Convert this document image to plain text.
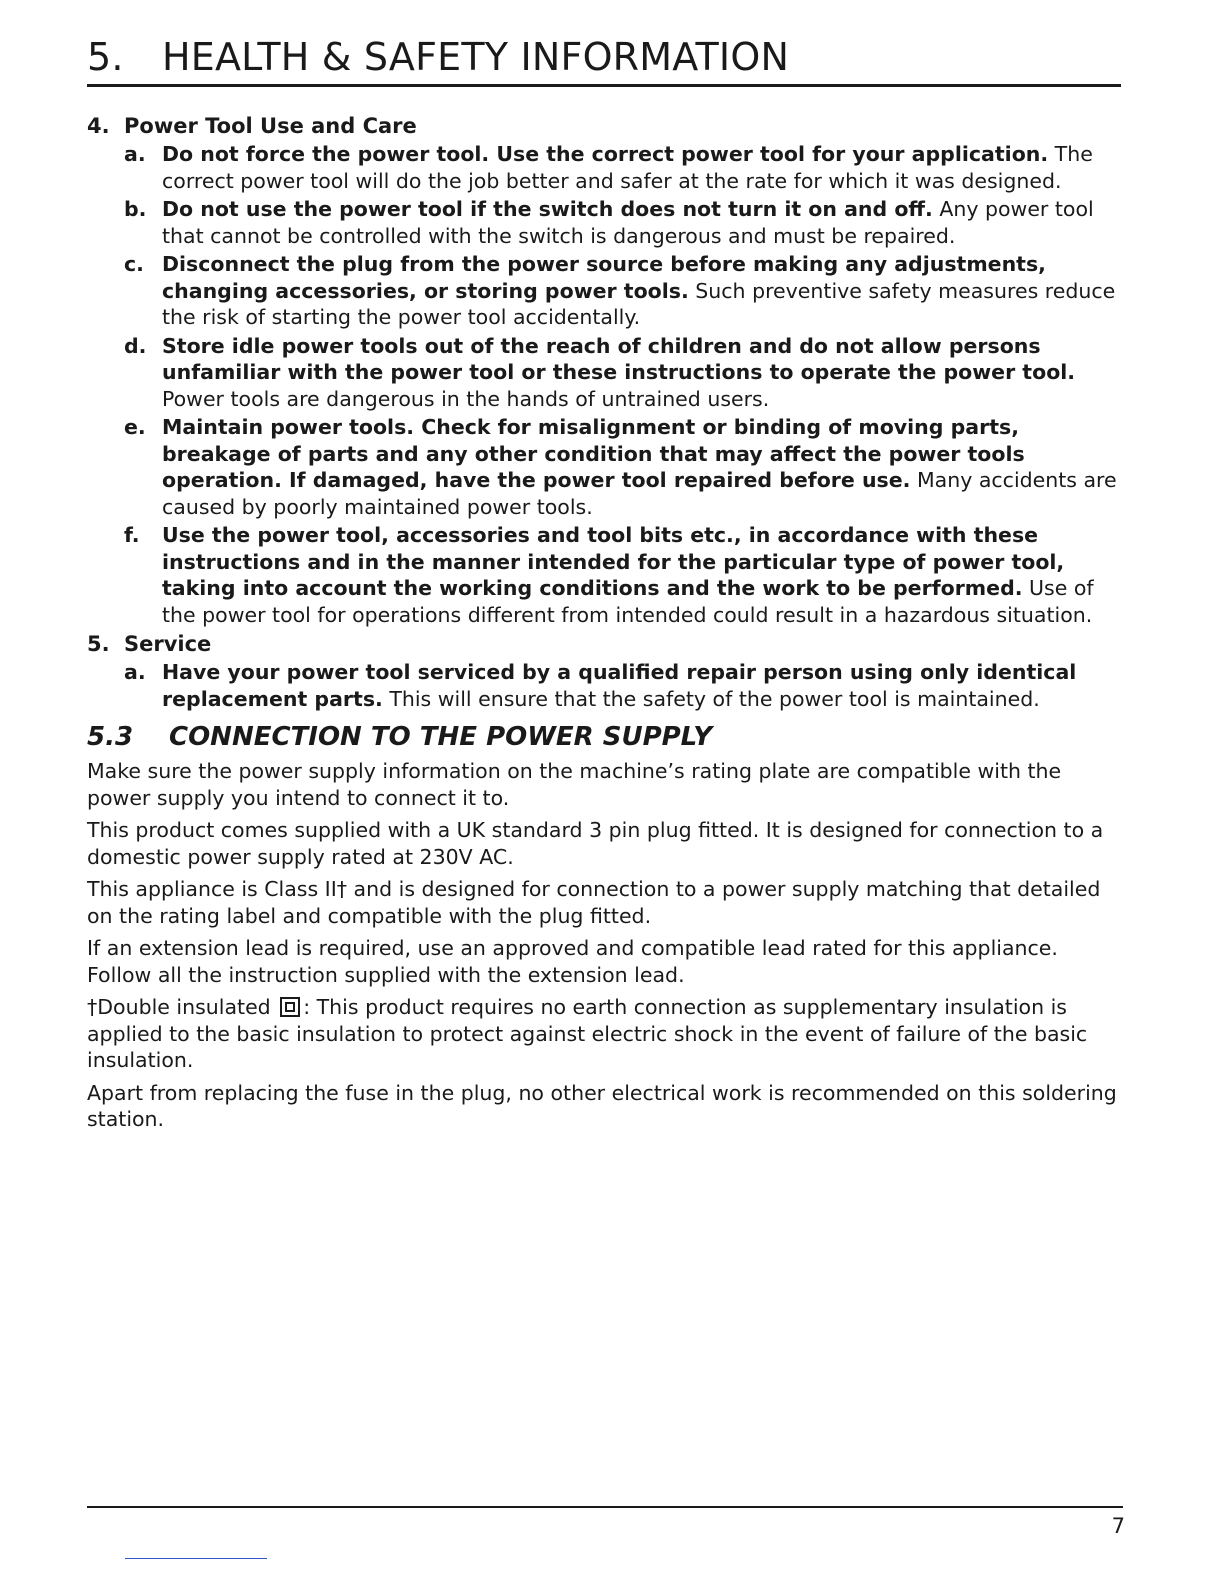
5.	HEALTH & SAFETY INFORMATION
4. Power Tool Use and Care
a. Do not force the power tool. Use the correct power tool for your application. The correct power tool will do the job better and safer at the rate for which it was designed.
b. Do not use the power tool if the switch does not turn it on and off. Any power tool that cannot be controlled with the switch is dangerous and must be repaired.
c. Disconnect the plug from the power source before making any adjustments, changing accessories, or storing power tools. Such preventive safety measures reduce the risk of starting the power tool accidentally.
d. Store idle power tools out of the reach of children and do not allow persons unfamiliar with the power tool or these instructions to operate the power tool. Power tools are dangerous in the hands of untrained users.
e. Maintain power tools. Check for misalignment or binding of moving parts, breakage of parts and any other condition that may affect the power tools operation. If damaged, have the power tool repaired before use. Many accidents are caused by poorly maintained power tools.
f.	Use the power tool, accessories and tool bits etc., in accordance with these instructions and in the manner intended for the particular type of power tool, taking into account the working conditions and the work to be performed. Use of the power tool for operations different from intended could result in a hazardous situation.
5. Service
a. Have your power tool serviced by a qualified repair person using only identical replacement parts. This will ensure that the safety of the power tool is maintained.
5.3	CONNECTION TO THE POWER SUPPLY

Make sure the power supply information on the machine’s rating plate are compatible with the power supply you intend to connect it to.

This product comes supplied with a UK standard 3 pin plug fitted. It is designed for connection to a domestic power supply rated at 230V AC.

This appliance is Class II† and is designed for connection to a power supply matching that detailed on the rating label and compatible with the plug fitted.

If an extension lead is required, use an approved and compatible lead rated for this appliance. Follow all the instruction supplied with the extension lead.

†Double insulated : This product requires no earth connection as supplementary insulation is applied to the basic insulation to protect against electric shock in the event of failure of the basic insulation.

Apart from replacing the fuse in the plug, no other electrical work is recommended on this soldering station.

7
